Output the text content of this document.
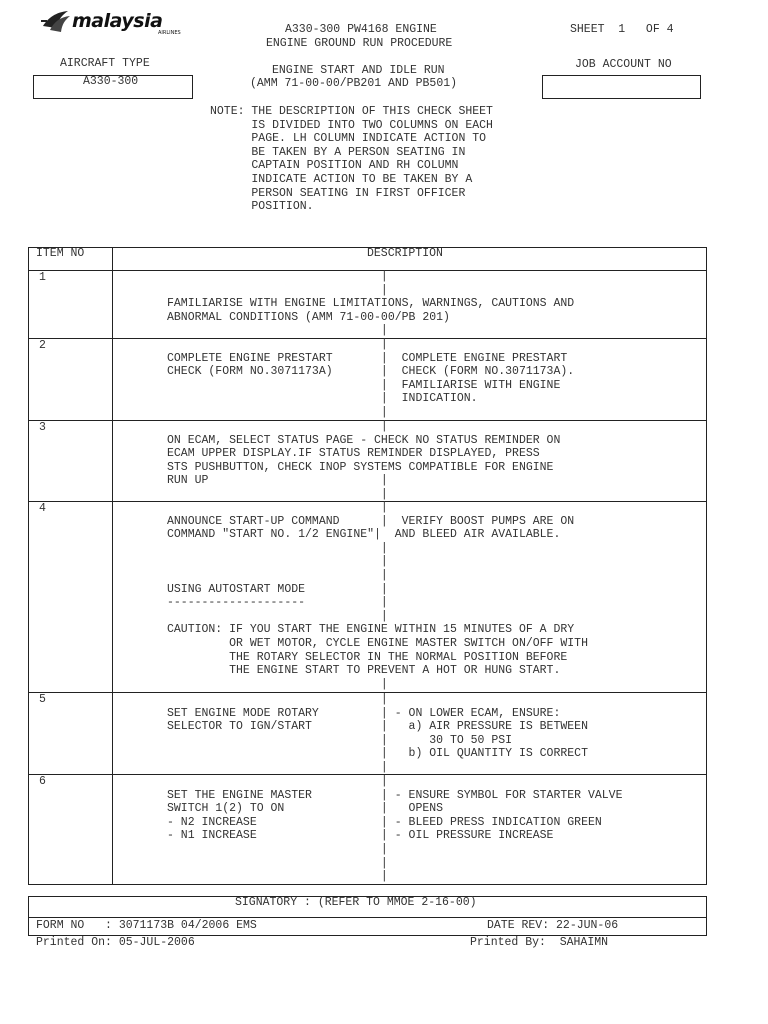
malaysia
AIRLINES	A330-300 PW4168 ENGINE
ENGINE GROUND RUN PROCEDURE
SHEET  1   OF 4
AIRCRAFT TYPE
A330-300
ENGINE START AND IDLE RUN
(AMM 71-00-00/PB201 AND PB501)
JOB ACCOUNT NO
NOTE: THE DESCRIPTION OF THIS CHECK SHEET
IS DIVIDED INTO TWO COLUMNS ON EACH
PAGE. LH COLUMN INDICATE ACTION TO
BE TAKEN BY A PERSON SEATING IN
CAPTAIN POSITION AND RH COLUMN
INDICATE ACTION TO BE TAKEN BY A
PERSON SEATING IN FIRST OFFICER
POSITION.
ITEM NO	DESCRIPTION
1	|
|
FAMILIARISE WITH ENGINE LIMITATIONS, WARNINGS, CAUTIONS AND
ABNORMAL CONDITIONS (AMM 71-00-00/PB 201)
|
2	|
COMPLETE ENGINE PRESTART       |  COMPLETE ENGINE PRESTART
CHECK (FORM NO.3071173A)       |  CHECK (FORM NO.3071173A).
|  FAMILIARISE WITH ENGINE
|  INDICATION.
|
3	|
ON ECAM, SELECT STATUS PAGE - CHECK NO STATUS REMINDER ON
ECAM UPPER DISPLAY.IF STATUS REMINDER DISPLAYED, PRESS
STS PUSHBUTTON, CHECK INOP SYSTEMS COMPATIBLE FOR ENGINE
RUN UP                         |
|
4	|
ANNOUNCE START-UP COMMAND      |  VERIFY BOOST PUMPS ARE ON
COMMAND "START NO. 1/2 ENGINE"|  AND BLEED AIR AVAILABLE.
|
|
|
USING AUTOSTART MODE           |
--------------------           |
|
CAUTION: IF YOU START THE ENGINE WITHIN 15 MINUTES OF A DRY
OR WET MOTOR, CYCLE ENGINE MASTER SWITCH ON/OFF WITH
THE ROTARY SELECTOR IN THE NORMAL POSITION BEFORE
THE ENGINE START TO PREVENT A HOT OR HUNG START.
|
5	|
SET ENGINE MODE ROTARY         | - ON LOWER ECAM, ENSURE:
SELECTOR TO IGN/START          |   a) AIR PRESSURE IS BETWEEN
|      30 TO 50 PSI
|   b) OIL QUANTITY IS CORRECT
|
6	|
SET THE ENGINE MASTER          | - ENSURE SYMBOL FOR STARTER VALVE
SWITCH 1(2) TO ON              |   OPENS
- N2 INCREASE                  | - BLEED PRESS INDICATION GREEN
- N1 INCREASE                  | - OIL PRESSURE INCREASE
|
|
|
SIGNATORY : (REFER TO MMOE 2-16-00)
FORM NO   : 3071173B 04/2006 EMS	DATE REV: 22-JUN-06
Printed On: 05-JUL-2006	Printed By:  SAHAIMN
